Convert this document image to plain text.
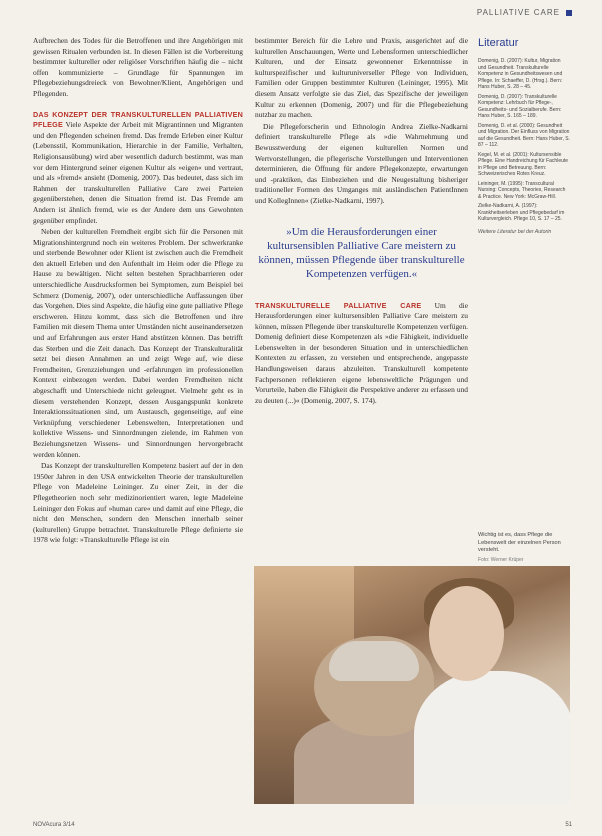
PALLIATIVE CARE

Aufbrechen des Todes für die Betroffenen und ihre Angehörigen mit gewissen Ritualen verbunden ist. In diesen Fällen ist die Vorbereitung bestimmter kultureller oder religiöser Vorschriften häufig die – nicht offen kommunizierte – Grundlage für Spannungen im Pflegebeziehungsdreieck von Bewohner/Klient, Angehörigen und Pflegenden.

DAS KONZEPT DER TRANSKULTURELLEN PALLIATIVEN PFLEGE Viele Aspekte der Arbeit mit Migrantinnen und Migranten und den Pflegenden scheinen fremd. Das fremde Erleben einer Kultur (Lebensstil, Kommunikation, Hierarchie in der Familie, Verhalten, Religionsausübung) wird aber wesentlich dadurch bestimmt, was man vor dem Hintergrund seiner eigenen Kultur als »eigen« und vertraut, und als »fremd« ansieht (Domenig, 2007). Das bedeutet, dass sich im Rahmen der transkulturellen Palliative Care zwei Parteien gegenüberstehen, denen die Situation fremd ist. Das Fremde am Andern ist ähnlich fremd, wie es der Andere dem uns Gewohnten gegenüber empfindet.

Neben der kulturellen Fremdheit ergibt sich für die Personen mit Migrationshintergrund noch ein weiteres Problem. Der schwerkranke und sterbende Bewohner oder Klient ist zwischen auch die Fremdheit den aktuell Erleben und den Aufenthalt im Heim oder die Pflege zu Hause zu bewältigen. Nicht selten bestehen Sprachbarrieren oder unterschiedliche Ausdrucksformen bei Symptomen, zum Beispiel bei Schmerz (Domenig, 2007), oder unterschiedliche Auffassungen über das Vorgehen. Dies sind Aspekte, die häufig eine gute palliative Pflege erschweren. Hinzu kommt, dass sich die Betroffenen und ihre Familien mit diesem Thema unter Umständen nicht auseinandersetzen und auf Erfahrungen aus erster Hand abstützen können. Das betrifft das Sterben und die Zeit danach. Das Konzept der Transkulturalität setzt bei diesen Annahmen an und zeigt Wege auf, wie diese Fremdheiten, Grenzziehungen und -erfahrungen im professionellen Kontext einbezogen werden. Dabei werden Fremdheiten nicht abgeschafft und Unterschiede nicht geleugnet. Vielmehr geht es in diesem verstehenden Konzept, dessen Ausgangspunkt konkrete Interaktionssituationen sind, um Austausch, gegenseitige, auf eine Verknüpfung verschiedener Lebenswelten, Interpretationen und kollektive Wissens- und Sinnordnungen zielende, im Rahmen von Beziehungsnetzen Wissens- und Sinnordnungen hervorgebracht werden können.

Das Konzept der transkulturellen Kompetenz basiert auf der in den 1950er Jahren in den USA entwickelten Theorie der transkulturellen Pflege von Madeleine Leininger. Zu einer Zeit, in der die Pflegetheorien noch sehr medizinorientiert waren, legte Madeleine Leininger den Fokus auf »human care« und damit auf eine Pflege, die nicht den Menschen, sondern den Menschen innerhalb seiner (kulturellen) Gruppe betrachtet. Transkulturelle Pflege definierte sie 1978 wie folgt: »Transkulturelle Pflege ist ein

bestimmter Bereich für die Lehre und Praxis, ausgerichtet auf die kulturellen Anschauungen, Werte und Lebensformen unterschiedlicher Kulturen, und der Einsatz gewonnener Erkenntnisse in kulturspezifischer und kulturuniverseller Pflege von Individuen, Familien oder Gruppen bestimmter Kulturen (Leininger, 1995). Mit diesem Ansatz verfolgte sie das Ziel, das Spezifische der jeweiligen Kultur zu erkennen (Domenig, 2007) und für die Pflegebeziehung nutzbar zu machen.

Die Pflegeforscherin und Ethnologin Andrea Zielke-Nadkarni definiert transkulturelle Pflege als »die Wahrnehmung und Bewusstwerdung der eigenen kulturellen Normen und Wertvorstellungen, die pflegerische Vorstellungen und Interventionen determinieren, die Öffnung für andere Pflegekonzepte, erwartungen und -praktiken, das Einbeziehen und die Neugestaltung bisheriger traditioneller Formen des Umganges mit ausländischen PatientInnen und KollegInnen« (Zielke-Nadkarni, 1997).

»Um die Herausforderungen einer kultursensiblen Palliative Care meistern zu können, müssen Pflegende über transkulturelle Kompetenzen verfügen.«

TRANSKULTURELLE PALLIATIVE CARE Um die Herausforderungen einer kultursensiblen Palliative Care meistern zu können, müssen Pflegende über transkulturelle Kompetenzen verfügen. Domenig definiert diese Kompetenzen als »die Fähigkeit, individuelle Lebenswelten in der besonderen Situation und in unterschiedlichen Kontexten zu erfassen, zu verstehen und entsprechende, angepasste Handlungsweisen daraus abzuleiten. Transkulturell kompetente Fachpersonen reflektieren eigene lebensweltliche Prägungen und Vorurteile, haben die Fähigkeit die Perspektive anderer zu erfassen und zu deuten (...)« (Domenig, 2007, S. 174).

Literatur
Domenig, D. (2007): Kultur, Migration und Gesundheit. Transkulturelle Kompetenz in Gesundheitswesen und Pflege. In: Schaeffer, D. (Hrsg.). Bern: Hans Huber, S. 28 – 45.
Domenig, D. (2007): Transkulturelle Kompetenz: Lehrbuch für Pflege-, Gesundheits- und Sozialberufe. Bern: Hans Huber, S. 165 – 189.
Domenig, D. et al. (2000): Gesundheit und Migration. Der Einfluss von Migration auf die Gesundheit. Bern: Hans Huber, S. 87 – 112.
Kegel, M. et al. (2001): Kultursensible Pflege. Eine Handreichung für Fachleute in Pflege und Betreuung. Bern: Schweizerisches Rotes Kreuz.
Leininger, M. (1995): Transcultural Nursing: Concepts, Theories, Research & Practice. New York: McGraw-Hill.
Zielke-Nadkarni, A. (1997): Krankheitserleben und Pflegebedarf im Kulturvergleich. Pflege 10, S. 17 – 25.
Weitere Literatur bei der Autorin
Wichtig ist es, dass Pflege die Lebenswelt der einzelnen Person versteht.
Foto: Werner Krüper
NOVAcura 3/14	51
